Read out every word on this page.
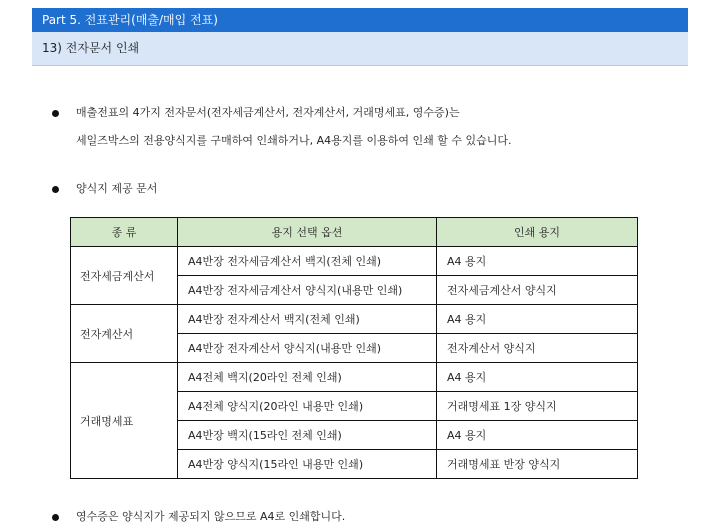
Part 5. 전표관리(매출/매입 전표)
13) 전자문서 인쇄
매출전표의 4가지 전자문서(전자세금계산서, 전자계산서, 거래명세표, 영수증)는
세일즈박스의 전용양식지를 구매하여 인쇄하거나, A4용지를 이용하여 인쇄 할 수 있습니다.
양식지 제공 문서
종 류	용지 선택 옵션	인쇄 용지
전자세금계산서	A4반장 전자세금계산서 백지(전체 인쇄)	A4 용지
	A4반장 전자세금계산서 양식지(내용만 인쇄)	전자세금계산서 양식지
전자계산서	A4반장 전자계산서 백지(전체 인쇄)	A4 용지
	A4반장 전자계산서 양식지(내용만 인쇄)	전자계산서 양식지
거래명세표	A4전체 백지(20라인 전체 인쇄)	A4 용지
	A4전체 양식지(20라인 내용만 인쇄)	거래명세표 1장 양식지
	A4반장 백지(15라인 전체 인쇄)	A4 용지
	A4반장 양식지(15라인 내용만 인쇄)	거래명세표 반장 양식지
영수증은 양식지가 제공되지 않으므로 A4로 인쇄합니다.
